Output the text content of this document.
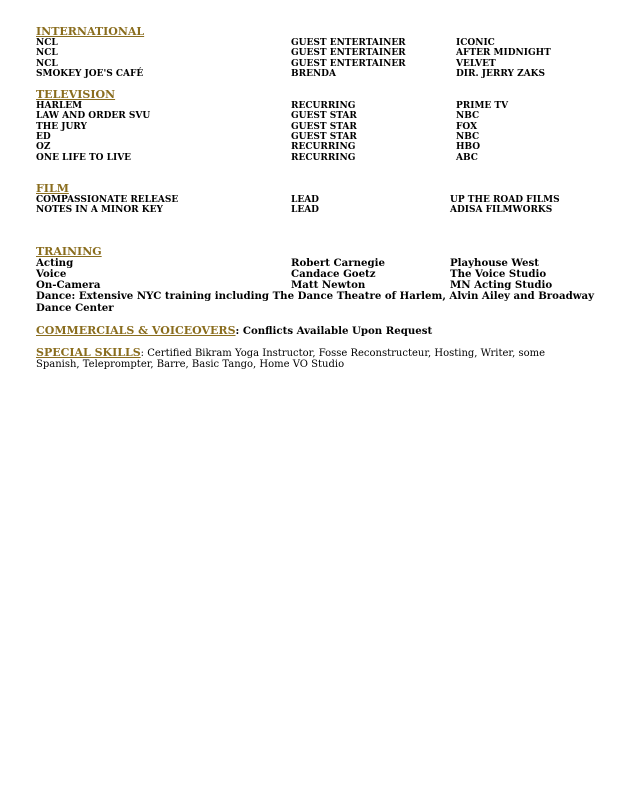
INTERNATIONAL
NCL	GUEST ENTERTAINER	ICONIC
NCL	GUEST ENTERTAINER	AFTER MIDNIGHT
NCL	GUEST ENTERTAINER	VELVET
SMOKEY JOE'S CAFÉ	BRENDA	DIR. JERRY ZAKS
TELEVISION
HARLEM	RECURRING	PRIME TV
LAW AND ORDER SVU	GUEST STAR	NBC
THE JURY	GUEST STAR	FOX
ED	GUEST STAR	NBC
OZ	RECURRING	HBO
ONE LIFE TO LIVE	RECURRING	ABC
FILM
COMPASSIONATE RELEASE	LEAD	UP THE ROAD FILMS
NOTES IN A MINOR KEY	LEAD	ADISA FILMWORKS
TRAINING
Acting	Robert Carnegie	Playhouse West
Voice	Candace Goetz	The Voice Studio
On-Camera	Matt Newton	MN Acting Studio
Dance: Extensive NYC training including The Dance Theatre of Harlem, Alvin Ailey and Broadway Dance Center
COMMERCIALS & VOICEOVERS: Conflicts Available Upon Request
SPECIAL SKILLS: Certified Bikram Yoga Instructor, Fosse Reconstructeur, Hosting, Writer, some Spanish, Teleprompter, Barre, Basic Tango, Home VO Studio
